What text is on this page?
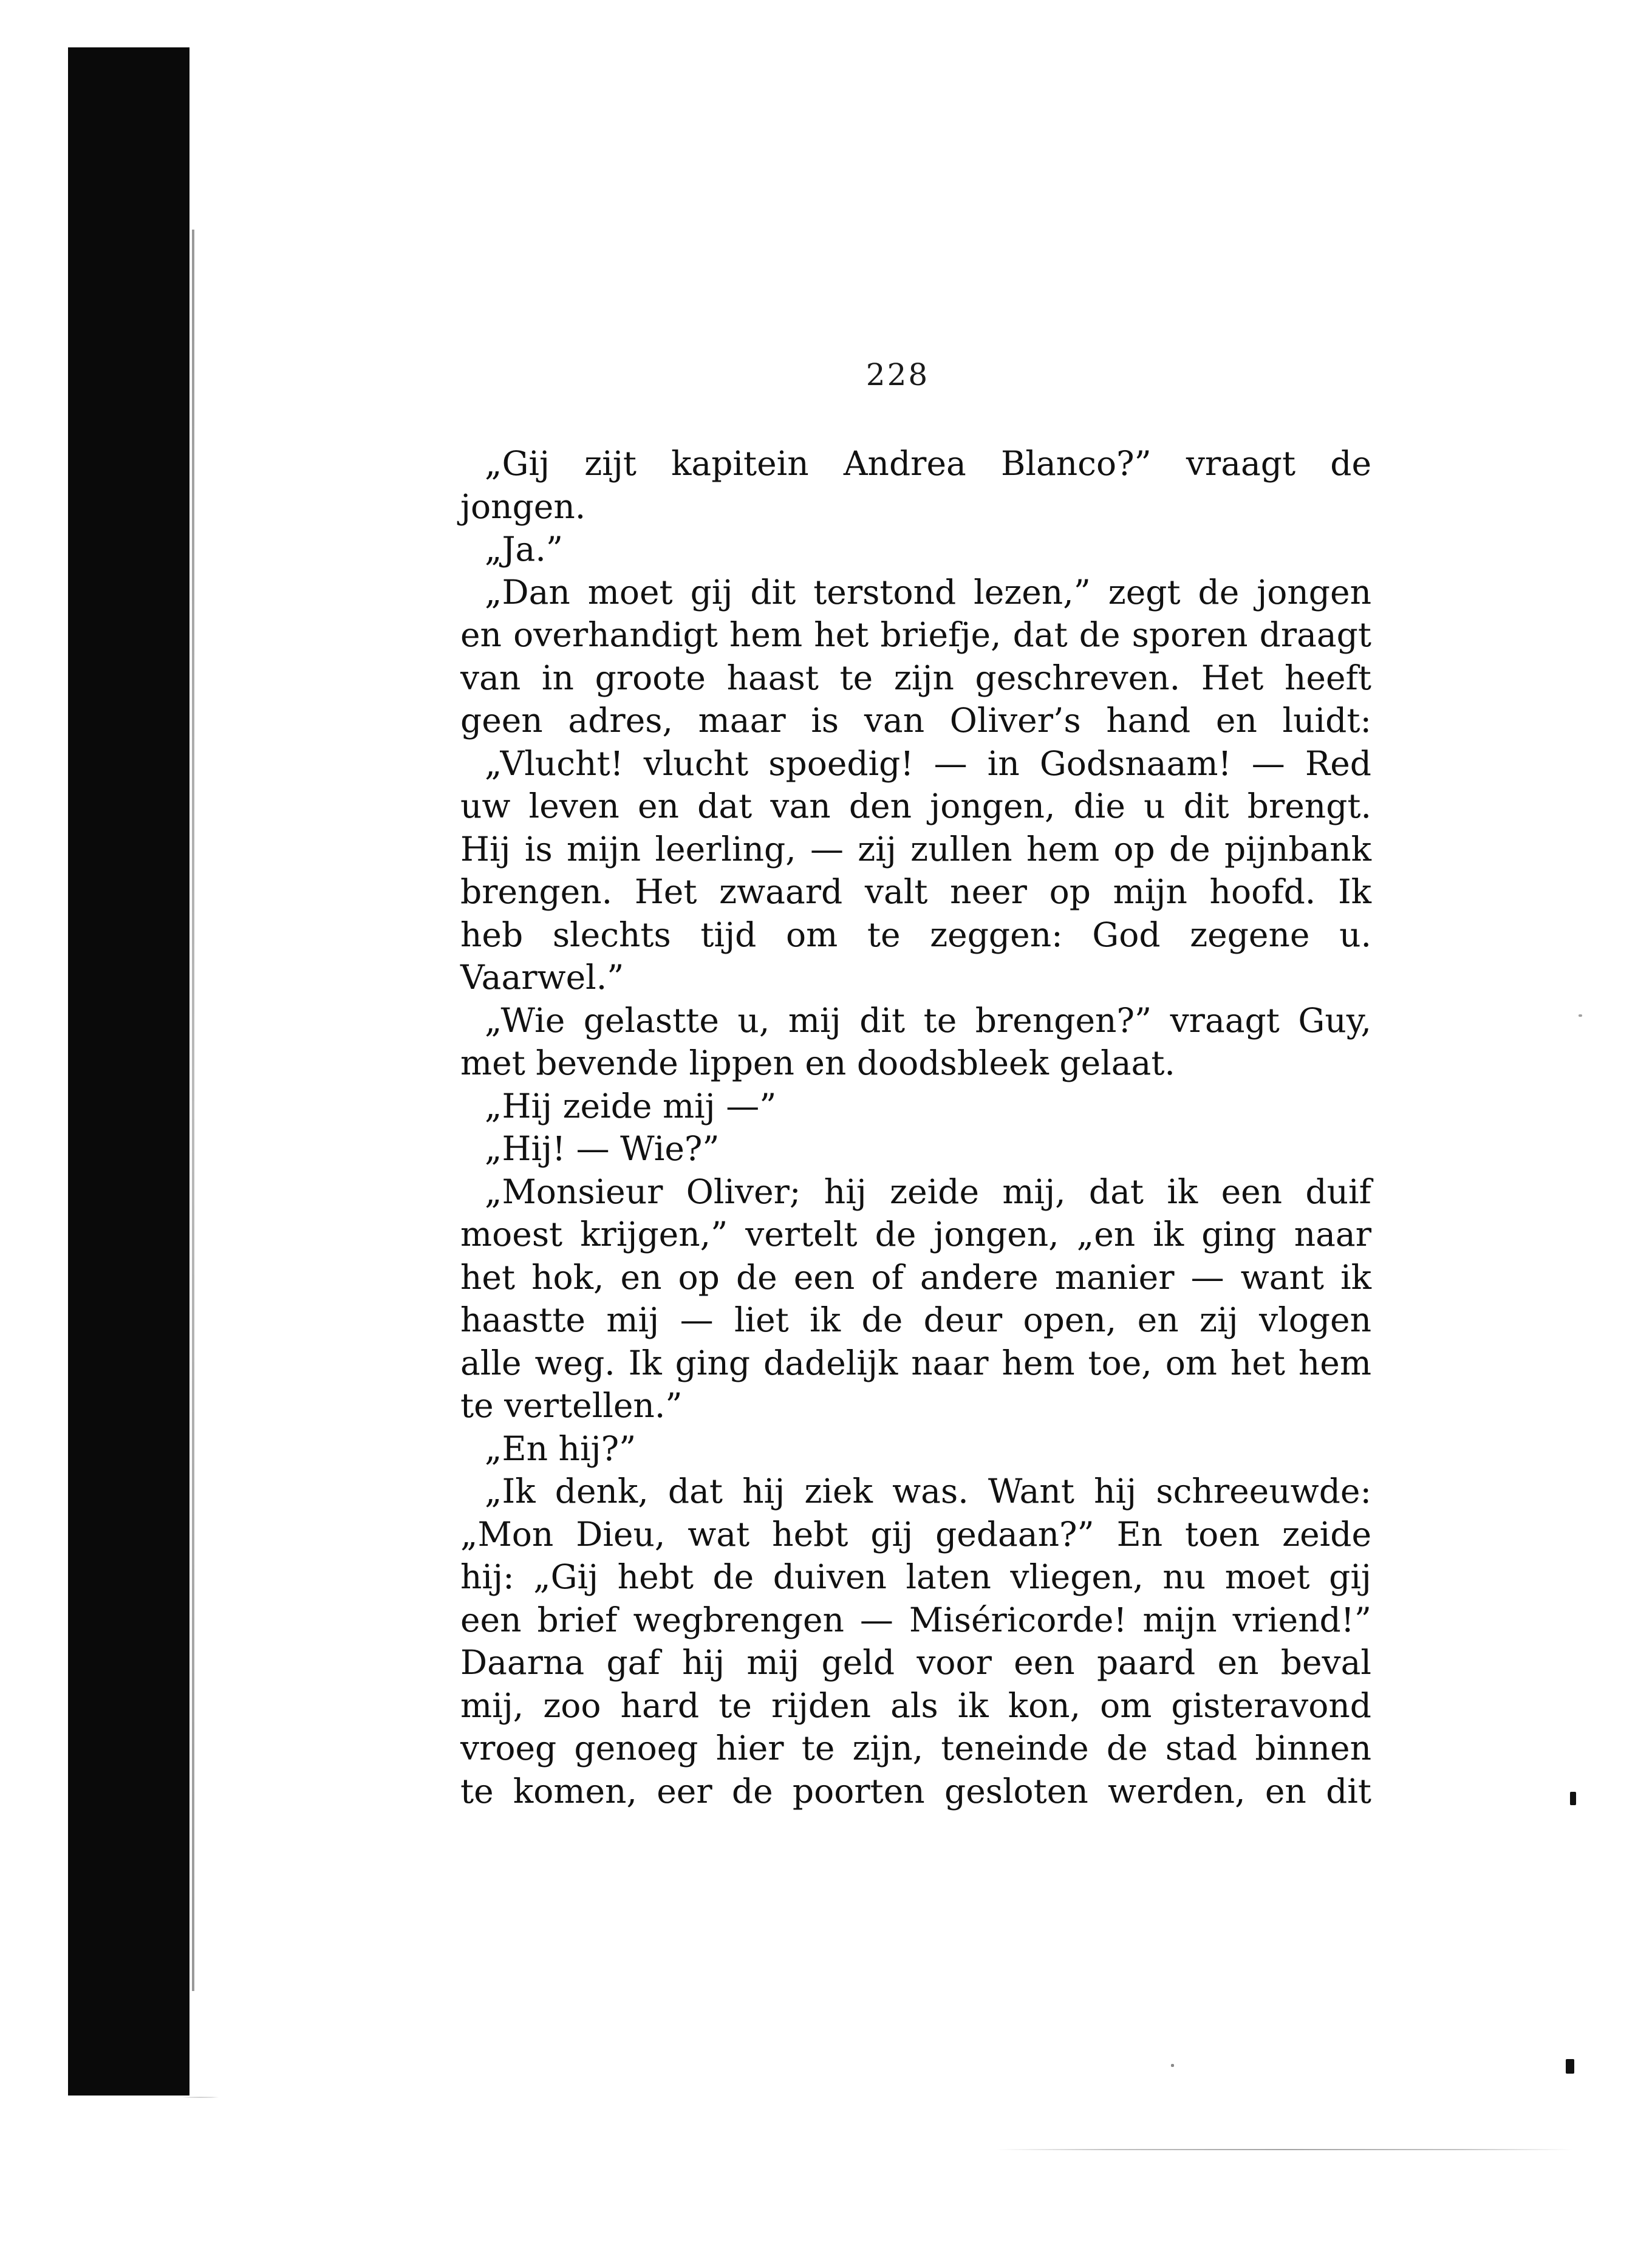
228
„Gij zijt kapitein Andrea Blanco?” vraagt de
jongen.
„Ja.”
„Dan moet gij dit terstond lezen,” zegt de jongen
en overhandigt hem het briefje, dat de sporen draagt
van in groote haast te zijn geschreven. Het heeft
geen adres, maar is van Oliver’s hand en luidt:
„Vlucht! vlucht spoedig! — in Godsnaam! — Red
uw leven en dat van den jongen, die u dit brengt.
Hij is mijn leerling, — zij zullen hem op de pijnbank
brengen. Het zwaard valt neer op mijn hoofd. Ik
heb slechts tijd om te zeggen: God zegene u.
Vaarwel.”
„Wie gelastte u, mij dit te brengen?” vraagt Guy,
met bevende lippen en doodsbleek gelaat.
„Hij zeide mij —”
„Hij! — Wie?”
„Monsieur Oliver; hij zeide mij, dat ik een duif
moest krijgen,” vertelt de jongen, „en ik ging naar
het hok, en op de een of andere manier — want ik
haastte mij — liet ik de deur open, en zij vlogen
alle weg. Ik ging dadelijk naar hem toe, om het hem
te vertellen.”
„En hij?”
„Ik denk, dat hij ziek was. Want hij schreeuwde:
„Mon Dieu, wat hebt gij gedaan?” En toen zeide
hij: „Gij hebt de duiven laten vliegen, nu moet gij
een brief wegbrengen — Miséricorde! mijn vriend!”
Daarna gaf hij mij geld voor een paard en beval
mij, zoo hard te rijden als ik kon, om gisteravond
vroeg genoeg hier te zijn, teneinde de stad binnen
te komen, eer de poorten gesloten werden, en dit
